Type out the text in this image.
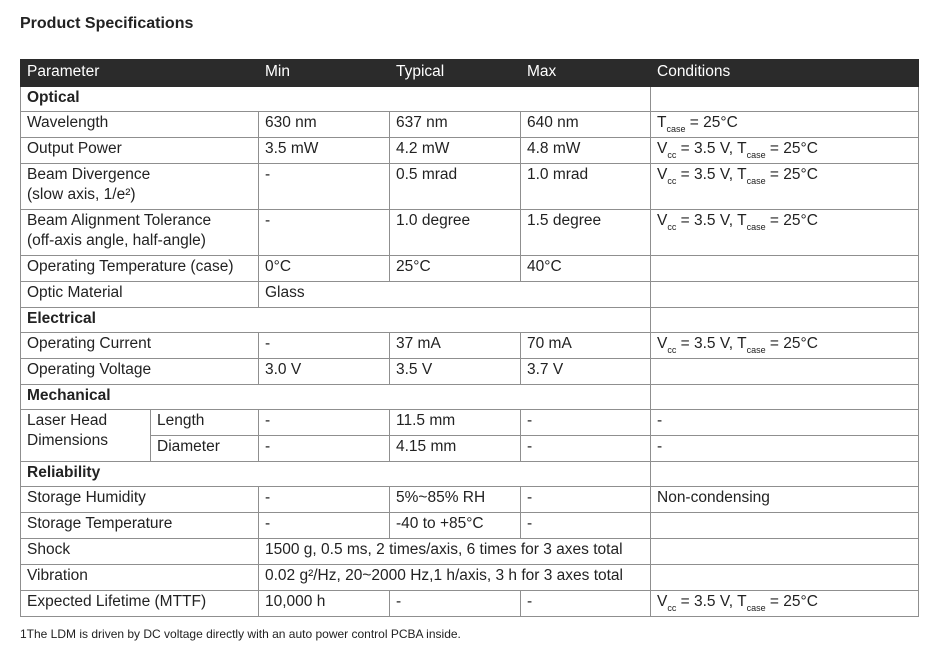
Product Specifications
Parameter		Min	Typical	Max	Conditions
Optical					
Wavelength		630 nm	637 nm	640 nm	$T_{case} = 25^\circ C$
Output Power		3.5 mW	4.2 mW	4.8 mW	$V_{cc} = 3.5$ V, $T_{case} = 25^\circ C$
Beam Divergence
(slow axis, 1/e²)		-	0.5 mrad	1.0 mrad	$V_{cc} = 3.5$ V, $T_{case} = 25^\circ C$
Beam Alignment Tolerance
(off-axis angle, half-angle)		-	1.0 degree	1.5 degree	$V_{cc} = 3.5$ V, $T_{case} = 25^\circ C$
Operating Temperature (case)		0°C	25°C	40°C	
Optic Material		Glass			
Electrical					
Operating Current		-	37 mA	70 mA	$V_{cc} = 3.5$ V, $T_{case} = 25^\circ C$
Operating Voltage		3.0 V	3.5 V	3.7 V	
Mechanical					
Laser Head
Dimensions	Length	-	11.5 mm	-	-
	Diameter	-	4.15 mm	-	-
Reliability					
Storage Humidity		-	5%~85% RH	-	Non-condensing
Storage Temperature		-	-40 to +85°C	-	
Shock		1500 g, 0.5 ms, 2 times/axis, 6 times for 3 axes total			
Vibration		0.02 g²/Hz, 20~2000 Hz,1 h/axis, 3 h for 3 axes total			
Expected Lifetime (MTTF)		10,000 h	-	-	$V_{cc} = 3.5$ V, $T_{case} = 25^\circ C$
1The LDM is driven by DC voltage directly with an auto power control PCBA inside.
